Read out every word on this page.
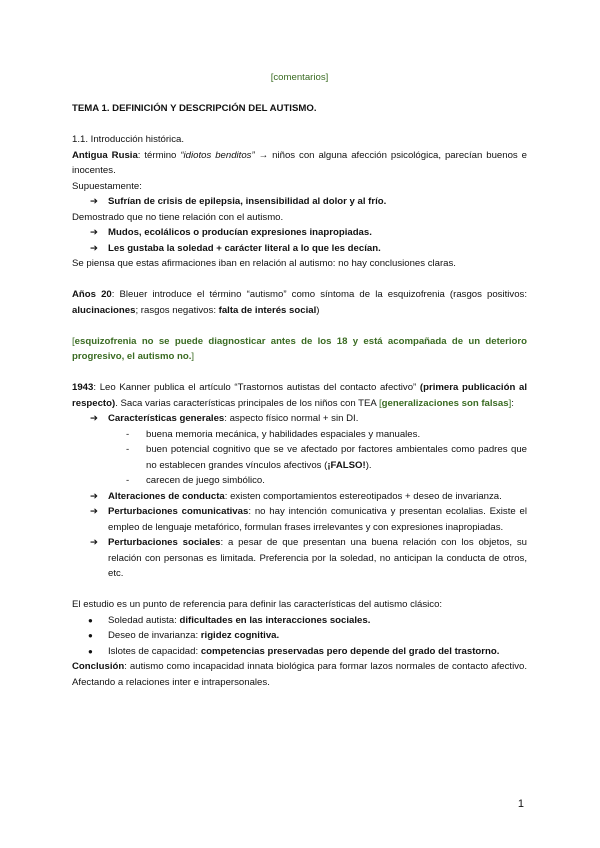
[comentarios]

TEMA 1. DEFINICIÓN Y DESCRIPCIÓN DEL AUTISMO.

1.1. Introducción histórica.

Antigua Rusia: término “idiotos benditos” → niños con alguna afección psicológica, parecían buenos e inocentes.

Supuestamente:

➔	Sufrían de crisis de epilepsia, insensibilidad al dolor y al frío.

Demostrado que no tiene relación con el autismo.

➔	Mudos, ecolálicos o producían expresiones inapropiadas.
➔	Les gustaba la soledad + carácter literal a lo que les decían.

Se piensa que estas afirmaciones iban en relación al autismo: no hay conclusiones claras.

Años 20: Bleuer introduce el término “autismo” como síntoma de la esquizofrenia (rasgos positivos: alucinaciones; rasgos negativos: falta de interés social)

[esquizofrenia no se puede diagnosticar antes de los 18 y está acompañada de un deterioro progresivo, el autismo no.]

1943: Leo Kanner publica el artículo “Trastornos autistas del contacto afectivo” (primera publicación al respecto). Saca varias características principales de los niños con TEA [generalizaciones son falsas]:

➔	Características generales: aspecto físico normal + sin DI.
-	buena memoria mecánica, y habilidades espaciales y manuales.
-	buen potencial cognitivo que se ve afectado por factores ambientales como padres que no establecen grandes vínculos afectivos (¡FALSO!).
-	carecen de juego simbólico.
➔	Alteraciones de conducta: existen comportamientos estereotipados + deseo de invarianza.
➔	Perturbaciones comunicativas: no hay intención comunicativa y presentan ecolalias. Existe el empleo de lenguaje metafórico, formulan frases irrelevantes y con expresiones inapropiadas.
➔	Perturbaciones sociales: a pesar de que presentan una buena relación con los objetos, su relación con personas es limitada. Preferencia por la soledad, no anticipan la conducta de otros, etc.

El estudio es un punto de referencia para definir las características del autismo clásico:

●	Soledad autista: dificultades en las interacciones sociales.
●	Deseo de invarianza: rigidez cognitiva.
●	Islotes de capacidad: competencias preservadas pero depende del grado del trastorno.

Conclusión: autismo como incapacidad innata biológica para formar lazos normales de contacto afectivo. Afectando a relaciones inter e intrapersonales.

1
